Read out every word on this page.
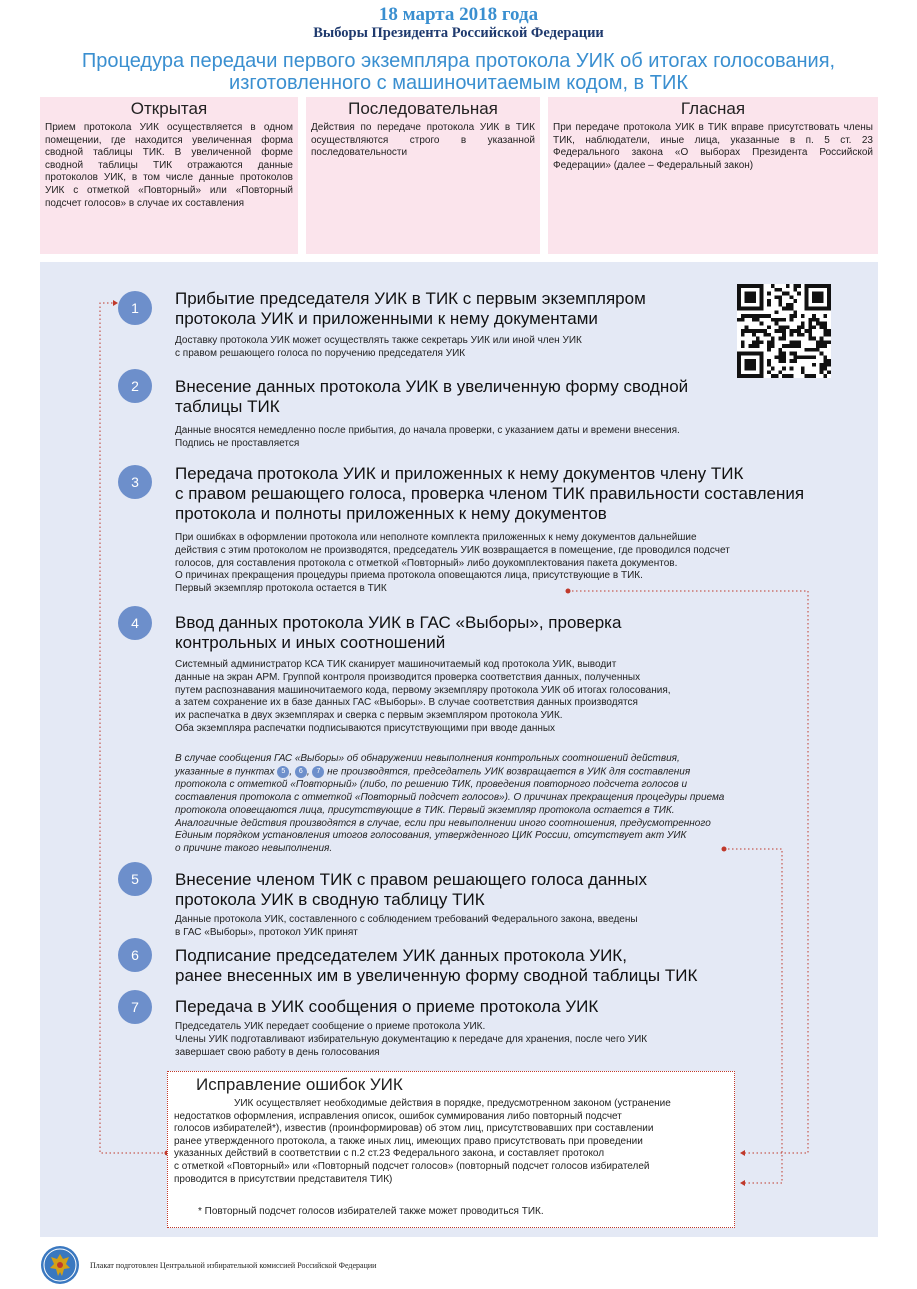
18 марта 2018 года
Выборы Президента Российской Федерации
Процедура передачи первого экземпляра протокола УИК об итогах голосования,
изготовленного с машиночитаемым кодом, в ТИК
Открытая

Прием протокола УИК осуществляется в одном помещении, где находится увеличенная форма сводной таблицы ТИК. В увеличенной форме сводной таблицы ТИК отражаются данные протоколов УИК, в том числе данные протоколов УИК с отметкой «Повторный» или «Повторный подсчет голосов» в случае их составления

Последовательная

Действия по передаче протокола УИК в ТИК осуществляются строго в указанной последовательности

Гласная

При передаче протокола УИК в ТИК вправе присутствовать члены ТИК, наблюдатели, иные лица, указанные в п. 5 ст. 23 Федерального закона «О выборах Президента Российской Федерации» (далее – Федеральный закон)

1	Прибытие председателя УИК в ТИК с первым экземпляром
протокола УИК и приложенными к нему документами
Доставку протокола УИК может осуществлять также секретарь УИК или иной член УИК
с правом решающего голоса по поручению председателя УИК
2	Внесение данных протокола УИК в увеличенную форму сводной
таблицы ТИК
Данные вносятся немедленно после прибытия, до начала проверки, с указанием даты и времени внесения.
Подпись не проставляется
3	Передача протокола УИК и приложенных к нему документов члену ТИК
с правом решающего голоса, проверка членом ТИК правильности составления
протокола и полноты приложенных к нему документов
При ошибках в оформлении протокола или неполноте комплекта приложенных к нему документов дальнейшие
действия с этим протоколом не производятся, председатель УИК возвращается в помещение, где проводился подсчет
голосов, для составления протокола с отметкой «Повторный» либо доукомплектования пакета документов.
О причинах прекращения процедуры приема протокола оповещаются лица, присутствующие в ТИК.
Первый экземпляр протокола остается в ТИК
4	Ввод данных протокола УИК в ГАС «Выборы», проверка
контрольных и иных соотношений
Системный администратор КСА ТИК сканирует машиночитаемый код протокола УИК, выводит
данные на экран АРМ. Группой контроля производится проверка соответствия данных, полученных
путем распознавания машиночитаемого кода, первому экземпляру протокола УИК об итогах голосования,
а затем сохранение их в базе данных ГАС «Выборы». В случае соответствия данных производятся
их распечатка в двух экземплярах и сверка с первым экземпляром протокола УИК.
Оба экземпляра распечатки подписываются присутствующими при вводе данных
В случае сообщения ГАС «Выборы» об обнаружении невыполнения контрольных соотношений действия,
указанные в пунктах 5 , 6 , 7 не производятся, председатель УИК возвращается в УИК для составления
протокола с отметкой «Повторный» (либо, по решению ТИК, проведения повторного подсчета голосов и
составления протокола с отметкой «Повторный подсчет голосов»). О причинах прекращения процедуры приема
протокола оповещаются лица, присутствующие в ТИК. Первый экземпляр протокола остается в ТИК.
Аналогичные действия производятся в случае, если при невыполнении иного соотношения, предусмотренного
Единым порядком установления итогов голосования, утвержденного ЦИК России, отсутствует акт УИК
о причине такого невыполнения.
5	Внесение членом ТИК с правом решающего голоса данных
протокола УИК в сводную таблицу ТИК
Данные протокола УИК, составленного с соблюдением требований Федерального закона, введены
в ГАС «Выборы», протокол УИК принят
6	Подписание председателем УИК данных протокола УИК,
ранее внесенных им в увеличенную форму сводной таблицы ТИК
7	Передача в УИК сообщения о приеме протокола УИК
Председатель УИК передает сообщение о приеме протокола УИК.
Члены УИК подготавливают избирательную документацию к передаче для хранения, после чего УИК
завершает свою работу в день голосования
Исправление ошибок УИК

УИК осуществляет необходимые действия в порядке, предусмотренном законом (устранение
недостатков оформления, исправления описок, ошибок суммирования либо повторный подсчет
голосов избирателей*), известив (проинформировав) об этом лиц, присутствовавших при составлении
ранее утвержденного протокола, а также иных лиц, имеющих право присутствовать при проведении
указанных действий в соответствии с п.2 ст.23 Федерального закона, и составляет протокол
с отметкой «Повторный» или «Повторный подсчет голосов» (повторный подсчет голосов избирателей
проводится в присутствии представителя ТИК)

* Повторный подсчет голосов избирателей также может проводиться ТИК.

Плакат подготовлен Центральной избирательной комиссией Российской Федерации
